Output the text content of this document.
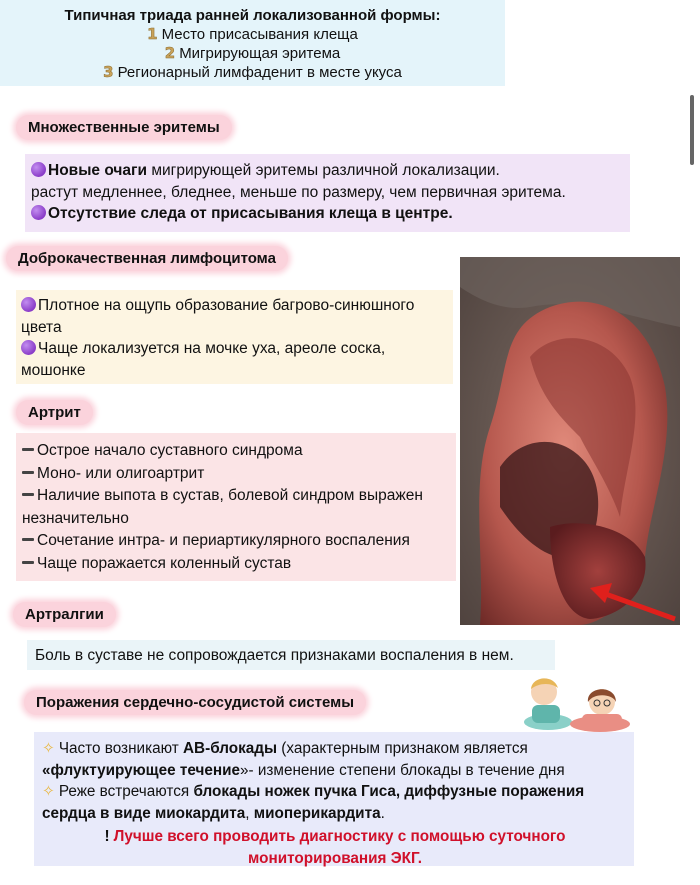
Типичная триада ранней локализованной формы:
1 Место присасывания клеща
2 Мигрирующая эритема
3 Регионарный лимфаденит в месте укуса
Множественные эритемы
Новые очаги мигрирующей эритемы различной локализации.
растут медленнее, бледнее, меньше по размеру, чем первичная эритема.
Отсутствие следа от присасывания клеща в центре.
Доброкачественная лимфоцитома
Плотное на ощупь образование багрово-синюшного цвета
Чаще локализуется на мочке уха, ареоле соска, мошонке
Артрит
Острое начало суставного синдрома
Моно- или олигоартрит
Наличие выпота в сустав, болевой синдром выражен незначительно
Сочетание интра- и периартикулярного воспаления
Чаще поражается коленный сустав
Артралгии
Боль в суставе не сопровождается признаками воспаления в нем.
Поражения сердечно-сосудистой системы
✧ Часто возникают АВ-блокады (характерным признаком является
«флуктуирующее течение»- изменение степени блокады в течение дня
✧ Реже встречаются блокады ножек пучка Гиса, диффузные поражения сердца в виде миокардита, миоперикардита.
! Лучше всего проводить диагностику с помощью суточного мониторирования ЭКГ.
